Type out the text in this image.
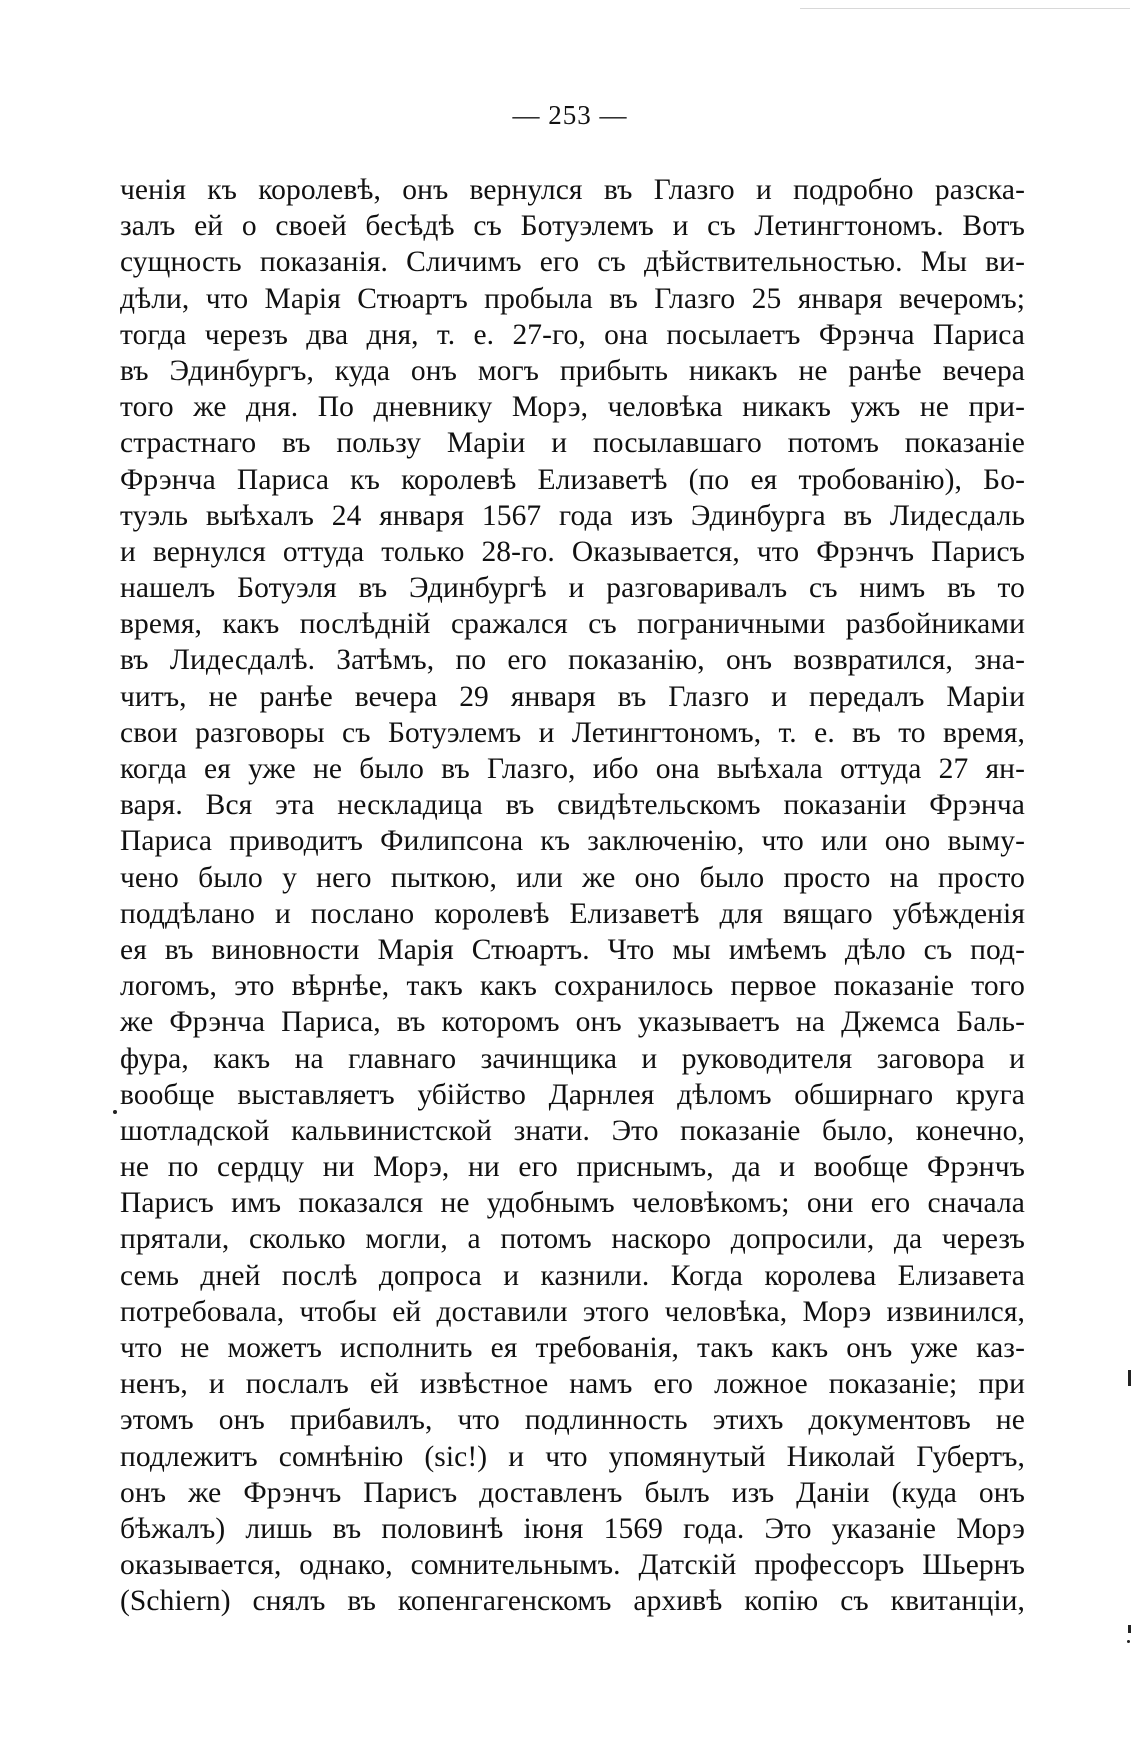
— 253 —
ченія къ королевѣ, онъ вернулся въ Глазго и подробно разска-
залъ ей о своей бесѣдѣ съ Ботуэлемъ и съ Летингтономъ. Вотъ
сущность показанія. Сличимъ его съ дѣйствительностью. Мы ви-
дѣли, что Марія Стюартъ пробыла въ Глазго 25 января вечеромъ;
тогда черезъ два дня, т. е. 27-го, она посылаетъ Фрэнча Париса
въ Эдинбургъ, куда онъ могъ прибыть никакъ не ранѣе вечера
того же дня. По дневнику Морэ, человѣка никакъ ужъ не при-
страстнаго въ пользу Маріи и посылавшаго потомъ показаніе
Фрэнча Париса къ королевѣ Елизаветѣ (по ея тробованію), Бо-
туэль выѣхалъ 24 января 1567 года изъ Эдинбурга въ Лидесдаль
и вернулся оттуда только 28-го. Оказывается, что Фрэнчъ Парисъ
нашелъ Ботуэля въ Эдинбургѣ и разговаривалъ съ нимъ въ то
время, какъ послѣдній сражался съ пограничными разбойниками
въ Лидесдалѣ. Затѣмъ, по его показанію, онъ возвратился, зна-
читъ, не ранѣе вечера 29 января въ Глазго и передалъ Маріи
свои разговоры съ Ботуэлемъ и Летингтономъ, т. е. въ то время,
когда ея уже не было въ Глазго, ибо она выѣхала оттуда 27 ян-
варя. Вся эта нескладица въ свидѣтельскомъ показаніи Фрэнча
Париса приводитъ Филипсона къ заключенію, что или оно выму-
чено было у него пыткою, или же оно было просто на просто
поддѣлано и послано королевѣ Елизаветѣ для вящаго убѣжденія
ея въ виновности Марія Стюартъ. Что мы имѣемъ дѣло съ под-
логомъ, это вѣрнѣе, такъ какъ сохранилось первое показаніе того
же Фрэнча Париса, въ которомъ онъ указываетъ на Джемса Баль-
фура, какъ на главнаго зачинщика и руководителя заговора и
вообще выставляетъ убійство Дарнлея дѣломъ обширнаго круга
шотладской кальвинистской знати. Это показаніе было, конечно,
не по сердцу ни Морэ, ни его приснымъ, да и вообще Фрэнчъ
Парисъ имъ показался не удобнымъ человѣкомъ; они его сначала
прятали, сколько могли, а потомъ наскоро допросили, да черезъ
семь дней послѣ допроса и казнили. Когда королева Елизавета
потребовала, чтобы ей доставили этого человѣка, Морэ извинился,
что не можетъ исполнить ея требованія, такъ какъ онъ уже каз-
ненъ, и послалъ ей извѣстное намъ его ложное показаніе; при
этомъ онъ прибавилъ, что подлинность этихъ документовъ не
подлежитъ сомнѣнію (sic!) и что упомянутый Николай Губертъ,
онъ же Фрэнчъ Парисъ доставленъ былъ изъ Даніи (куда онъ
бѣжалъ) лишь въ половинѣ іюня 1569 года. Это указаніе Морэ
оказывается, однако, сомнительнымъ. Датскій профессоръ Шьернъ
(Schiern) снялъ въ копенгагенскомъ архивѣ копію съ квитанціи,
